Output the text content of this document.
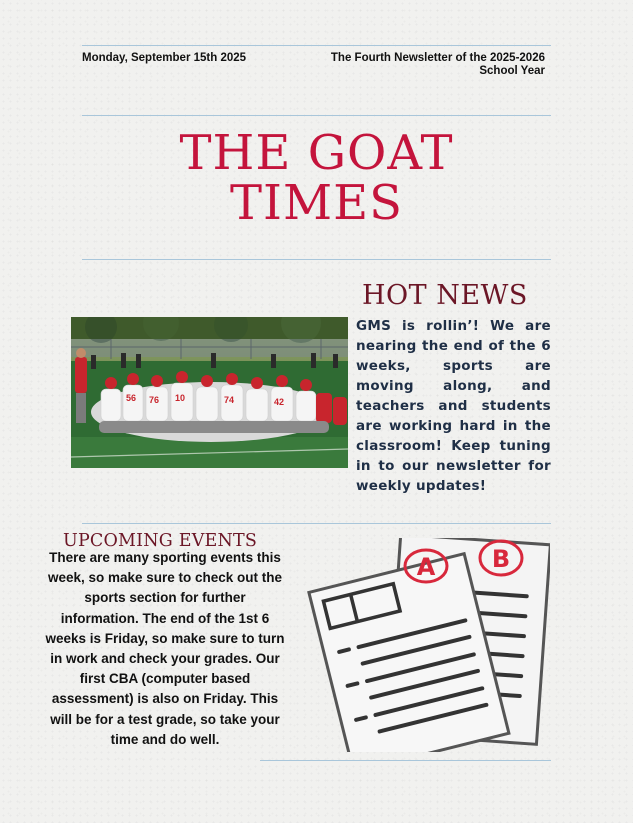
Monday, September 15th 2025	The Fourth Newsletter of the 2025-2026 School Year
THE GOAT
TIMES
HOT NEWS
56 76 10	74	42
GMS is rollin’! We are nearing the end of the 6 weeks, sports are moving along, and teachers and students are working hard in the classroom! Keep tuning in to our newsletter for weekly updates!
UPCOMING EVENTS
There are many sporting events this week, so make sure to check out the sports section for further information. The end of the 1st 6 weeks is Friday, so make sure to turn in work and check your grades. Our first CBA (computer based assessment) is also on Friday. This will be for a test grade, so take your time and do well.
B
A
